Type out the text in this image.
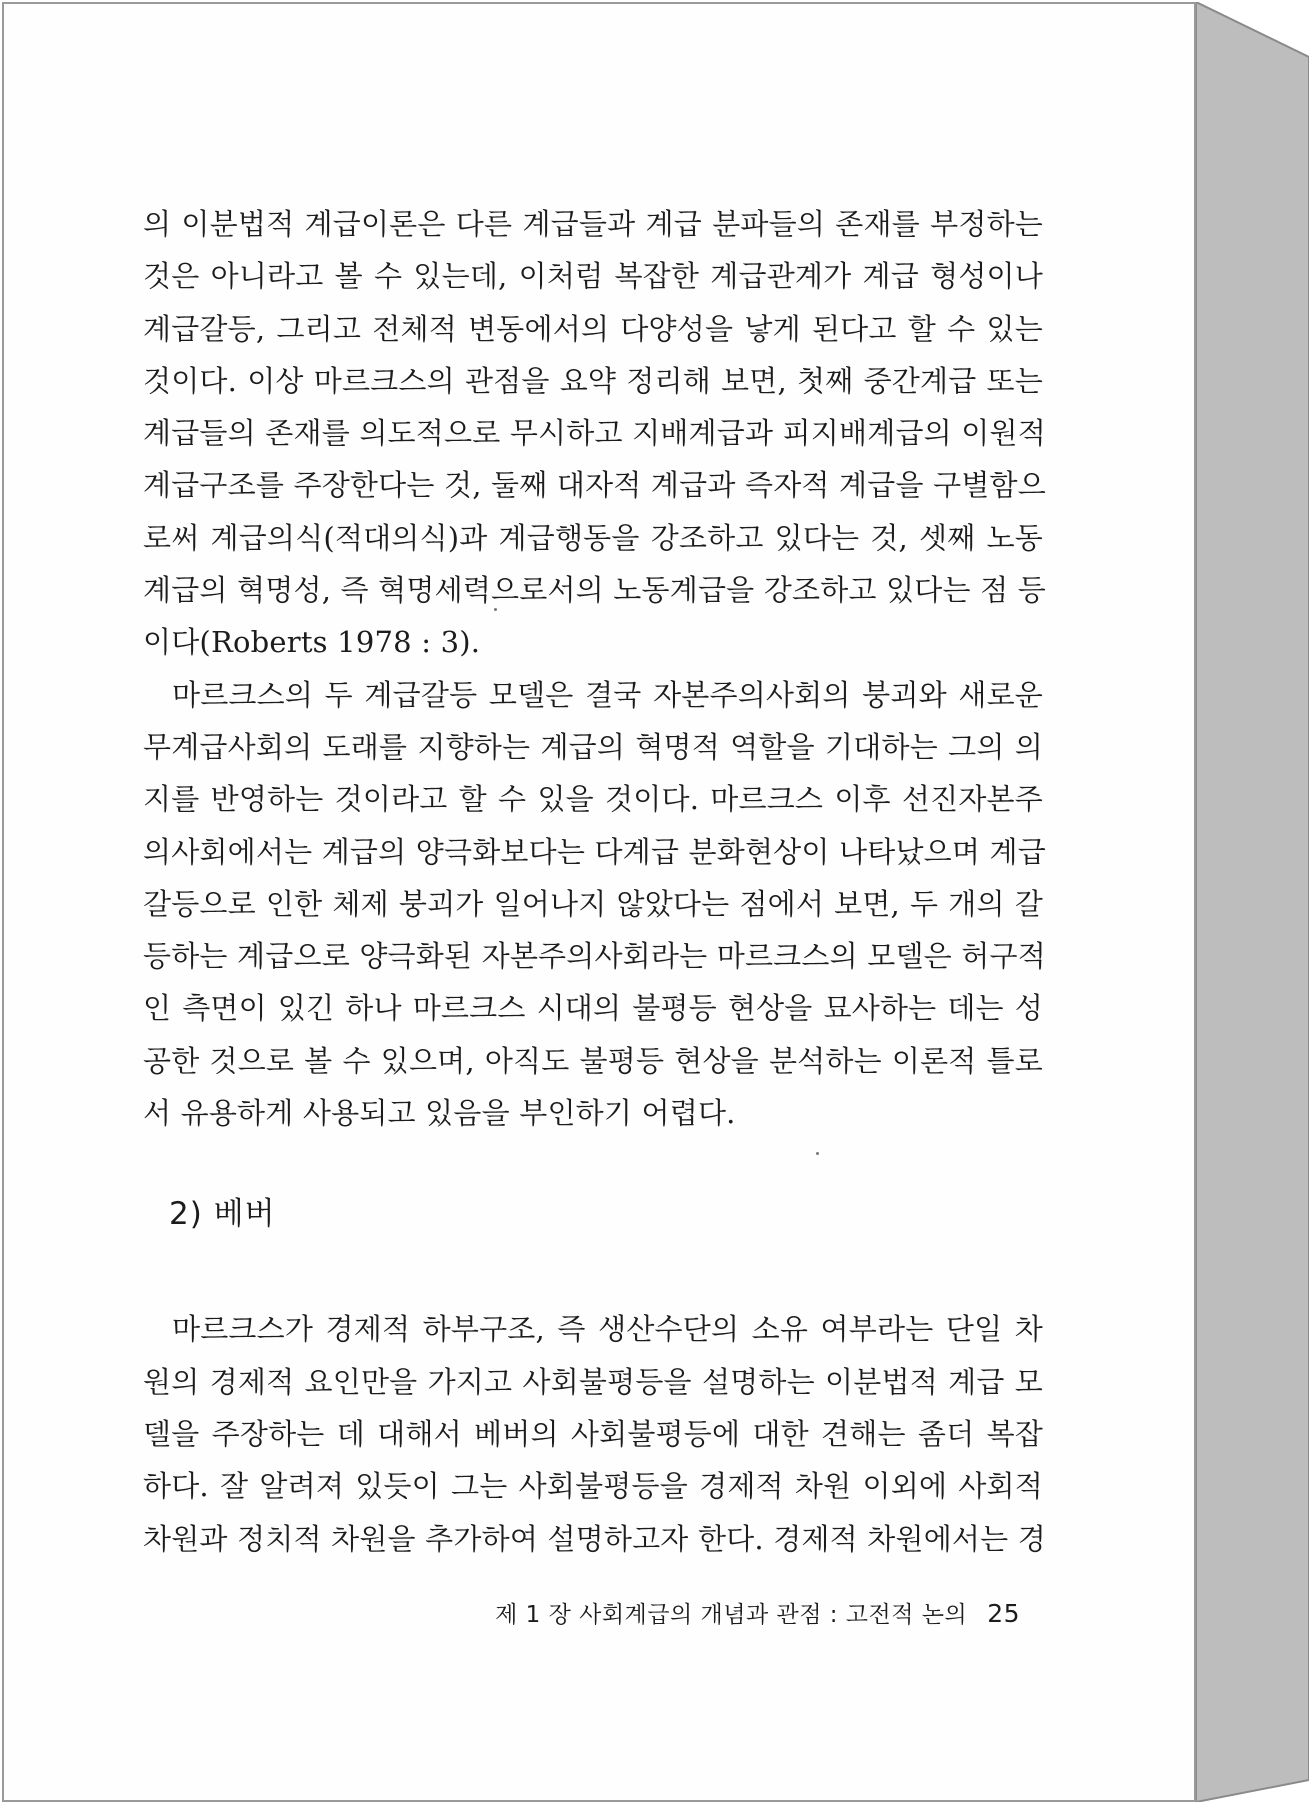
의 이분법적 계급이론은 다른 계급들과 계급 분파들의 존재를 부정하는
것은 아니라고 볼 수 있는데, 이처럼 복잡한 계급관계가 계급 형성이나
계급갈등, 그리고 전체적 변동에서의 다양성을 낳게 된다고 할 수 있는
것이다. 이상 마르크스의 관점을 요약 정리해 보면, 첫째 중간계급 또는
계급들의 존재를 의도적으로 무시하고 지배계급과 피지배계급의 이원적
계급구조를 주장한다는 것, 둘째 대자적 계급과 즉자적 계급을 구별함으
로써 계급의식(적대의식)과 계급행동을 강조하고 있다는 것, 셋째 노동
계급의 혁명성, 즉 혁명세력으로서의 노동계급을 강조하고 있다는 점 등
이다(Roberts 1978 : 3).

마르크스의 두 계급갈등 모델은 결국 자본주의사회의 붕괴와 새로운
무계급사회의 도래를 지향하는 계급의 혁명적 역할을 기대하는 그의 의
지를 반영하는 것이라고 할 수 있을 것이다. 마르크스 이후 선진자본주
의사회에서는 계급의 양극화보다는 다계급 분화현상이 나타났으며 계급
갈등으로 인한 체제 붕괴가 일어나지 않았다는 점에서 보면, 두 개의 갈
등하는 계급으로 양극화된 자본주의사회라는 마르크스의 모델은 허구적
인 측면이 있긴 하나 마르크스 시대의 불평등 현상을 묘사하는 데는 성
공한 것으로 볼 수 있으며, 아직도 불평등 현상을 분석하는 이론적 틀로
서 유용하게 사용되고 있음을 부인하기 어렵다.

2) 베버

마르크스가 경제적 하부구조, 즉 생산수단의 소유 여부라는 단일 차
원의 경제적 요인만을 가지고 사회불평등을 설명하는 이분법적 계급 모
델을 주장하는 데 대해서 베버의 사회불평등에 대한 견해는 좀더 복잡
하다. 잘 알려져 있듯이 그는 사회불평등을 경제적 차원 이외에 사회적
차원과 정치적 차원을 추가하여 설명하고자 한다. 경제적 차원에서는 경

제 1 장 사회계급의 개념과 관점 : 고전적 논의 25
